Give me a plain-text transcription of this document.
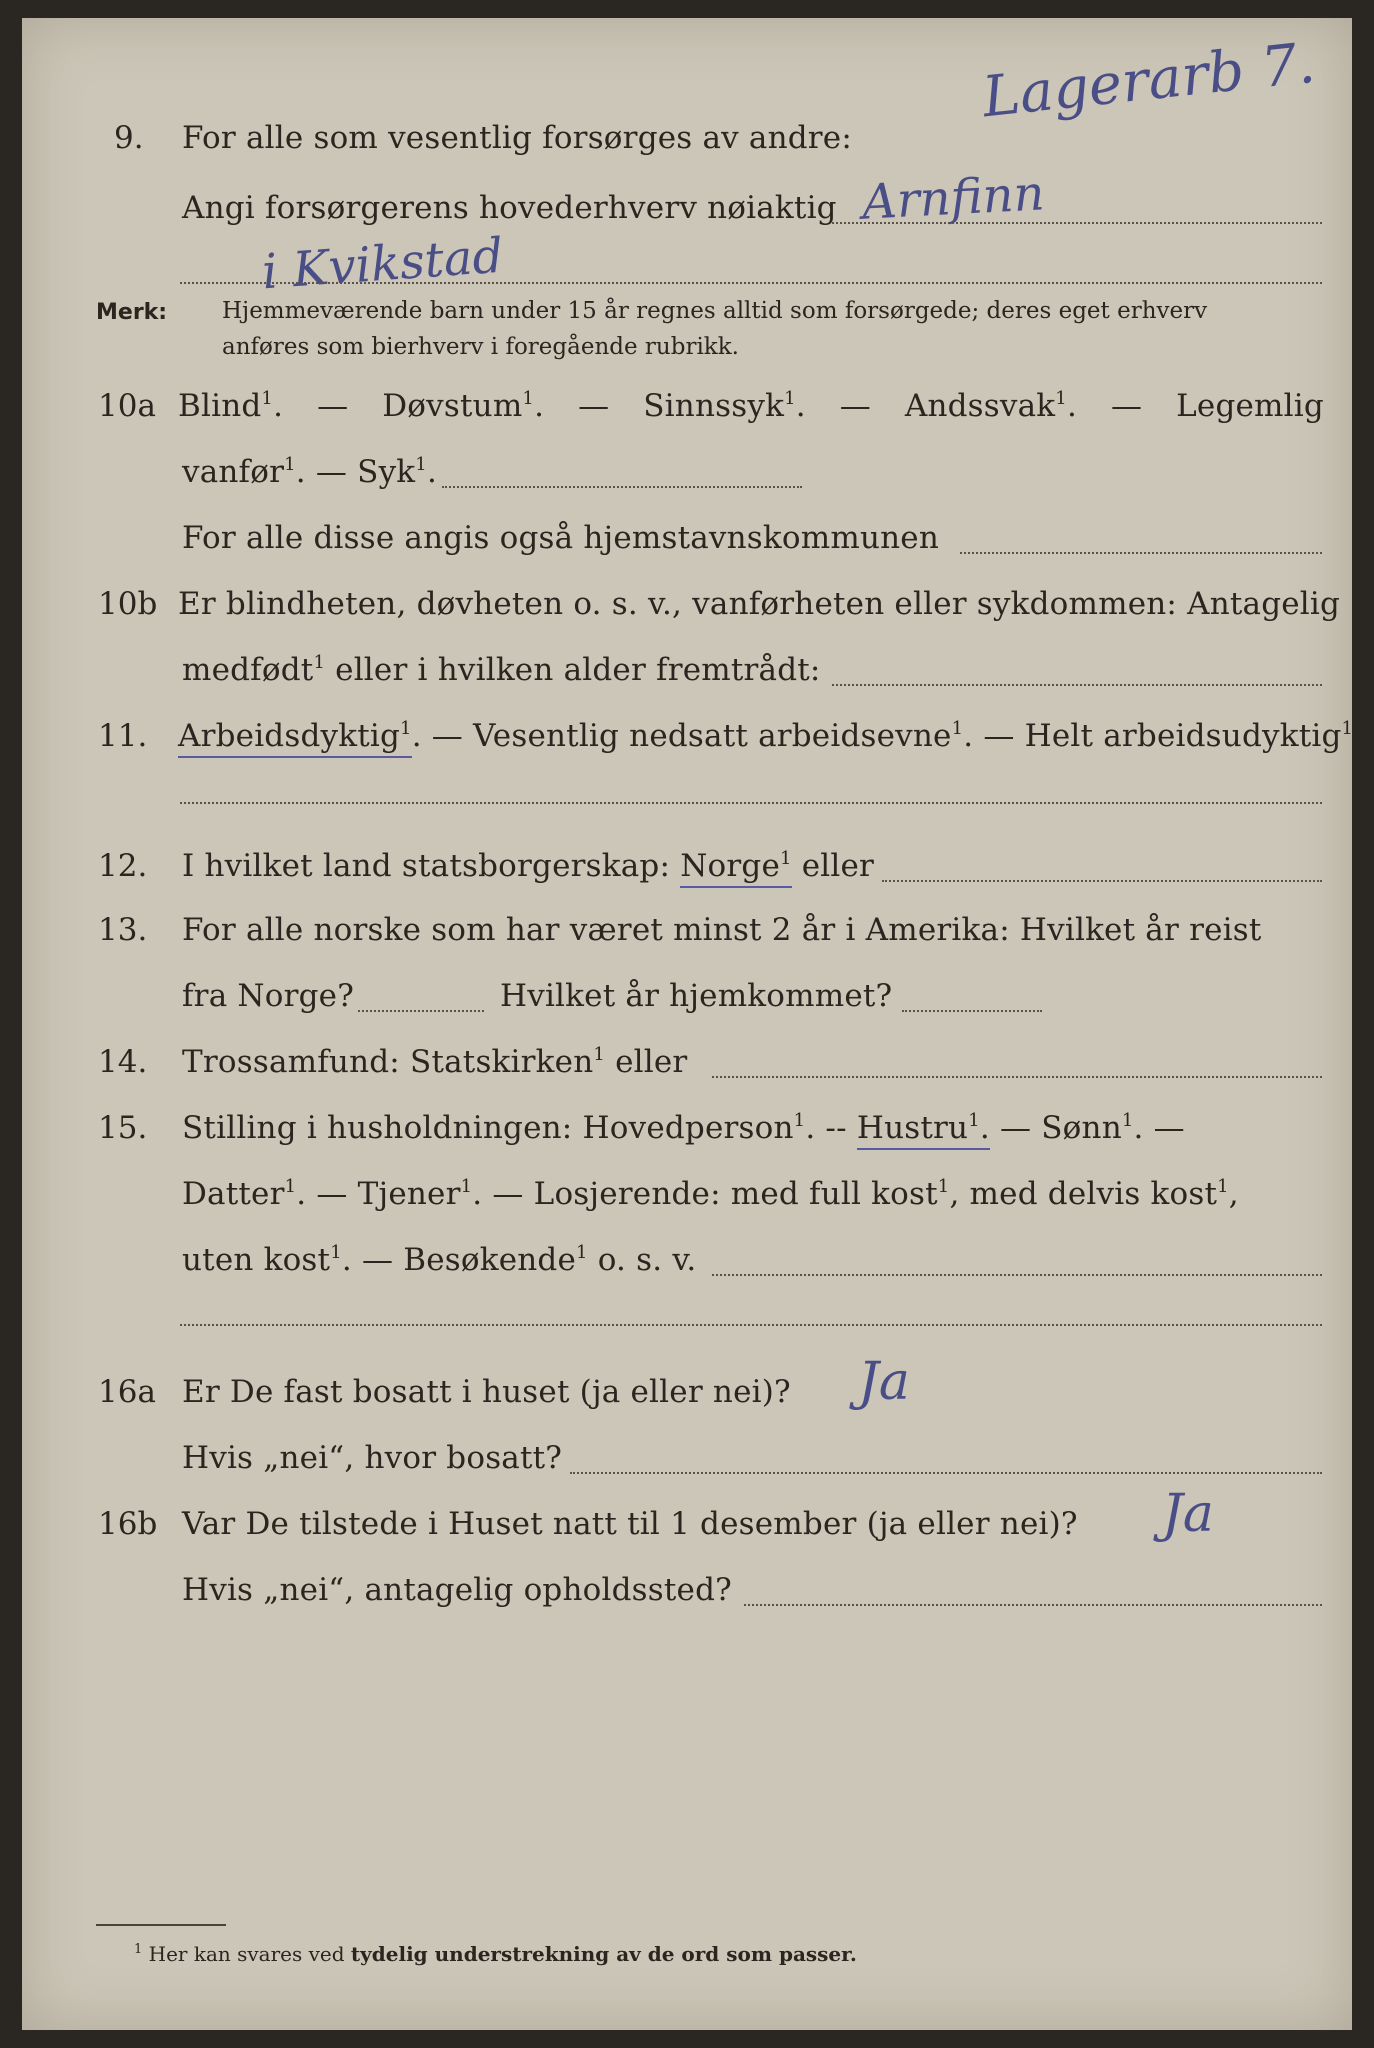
9. For alle som vesentlig forsørges av andre:
Lagerarb 7.
Angi forsørgerens hovederhverv nøiaktig Arnfinn
i Kvikstad
Merk: Hjemmeværende barn under 15 år regnes alltid som forsørgede; deres eget erhverv
anføres som bierhverv i foregående rubrikk.
10a Blind$^1$. — Døvstum$^1$. — Sinnssyk$^1$. — Andssvak$^1$. — Legemlig
vanfør$^1$. — Syk$^1$.
For alle disse angis også hjemstavnskommunen
10b Er blindheten, døvheten o. s. v., vanførheten eller sykdommen: Antagelig
medfødt$^1$ eller i hvilken alder fremtrådt:
11. Arbeidsdyktig$^1$. — Vesentlig nedsatt arbeidsevne$^1$. — Helt arbeidsudyktig$^1$.
12. I hvilket land statsborgerskap: Norge$^1$ eller
13. For alle norske som har været minst 2 år i Amerika: Hvilket år reist
fra Norge?	Hvilket år hjemkommet?
14. Trossamfund: Statskirken$^1$ eller
15. Stilling i husholdningen: Hovedperson$^1$. -- Hustru$^1$. — Sønn$^1$. —
Datter$^1$. — Tjener$^1$. — Losjerende: med full kost$^1$, med delvis kost$^1$,
uten kost$^1$. — Besøkende$^1$ o. s. v.
16a Er De fast bosatt i huset (ja eller nei)? Ja
Hvis „nei“, hvor bosatt?
16b Var De tilstede i Huset natt til 1 desember (ja eller nei)? Ja
Hvis „nei“, antagelig opholdssted?
$^1$ Her kan svares ved tydelig understrekning av de ord som passer.
